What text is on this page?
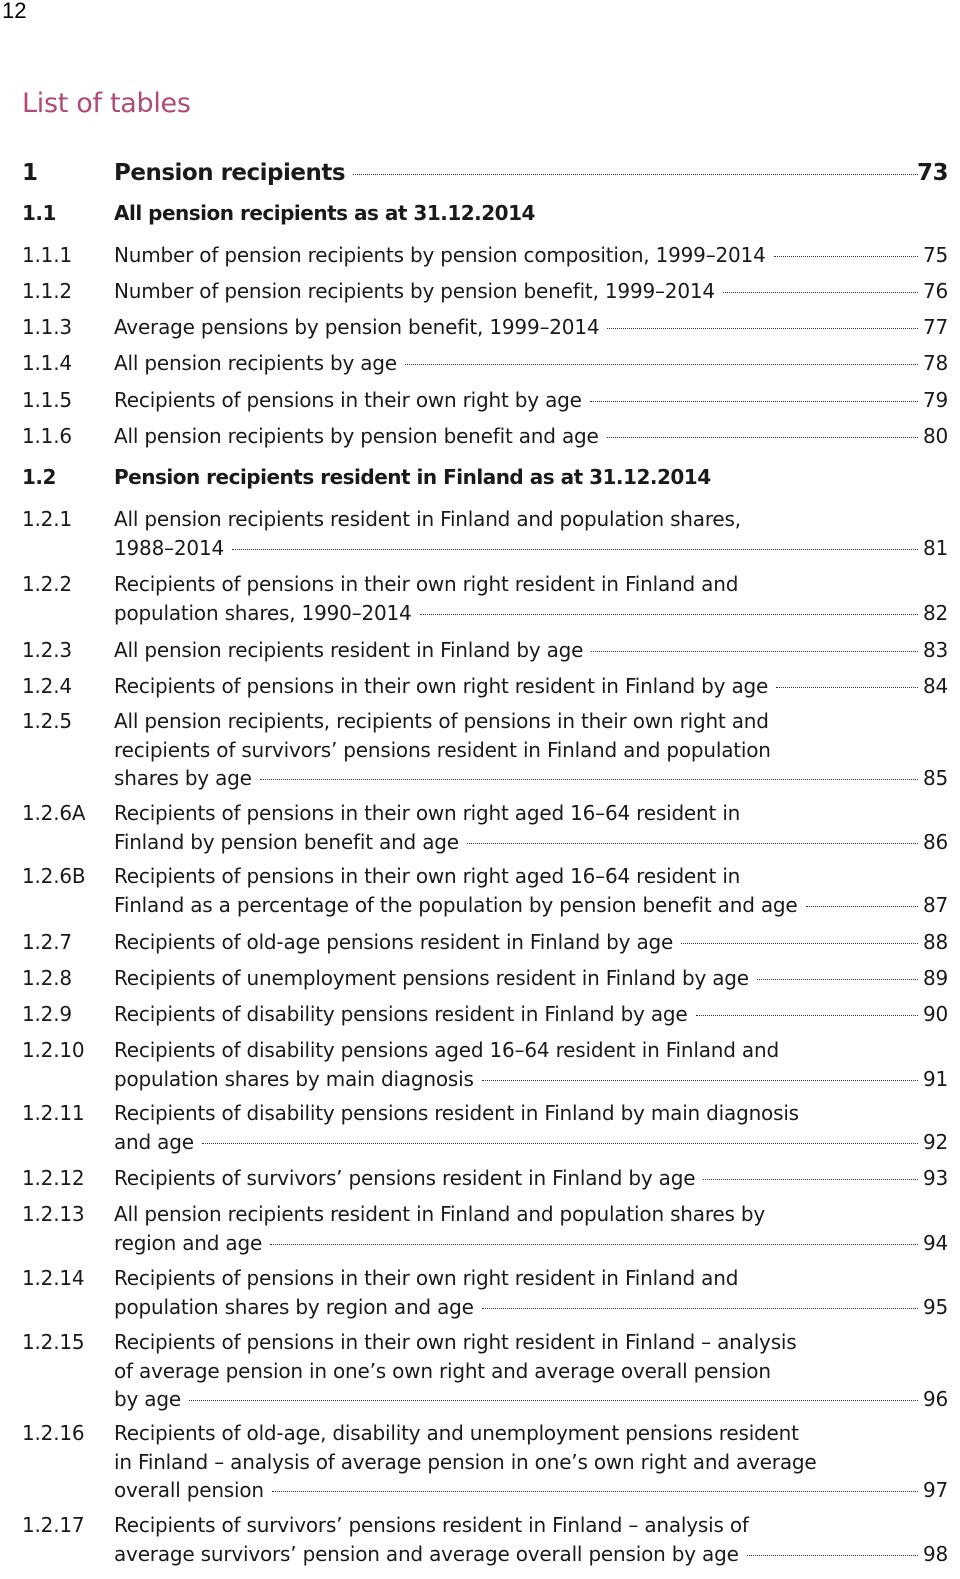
12
List of tables
1	Pension recipients	73
1.1	All pension recipients as at 31.12.2014
1.1.1 Number of pension recipients by pension composition, 1999–2014	75
1.1.2 Number of pension recipients by pension benefit, 1999–2014	76
1.1.3 Average pensions by pension benefit, 1999–2014	77
1.1.4 All pension recipients by age	78
1.1.5 Recipients of pensions in their own right by age	79
1.1.6 All pension recipients by pension benefit and age	80
1.2	Pension recipients resident in Finland as at 31.12.2014
1.2.1 All pension recipients resident in Finland and population shares,
1988–2014	81
1.2.2 Recipients of pensions in their own right resident in Finland and
population shares, 1990–2014	82
1.2.3 All pension recipients resident in Finland by age	83
1.2.4 Recipients of pensions in their own right resident in Finland by age	84
1.2.5 All pension recipients, recipients of pensions in their own right and
recipients of survivors’ pensions resident in Finland and population
shares by age	85
1.2.6A Recipients of pensions in their own right aged 16–64 resident in
Finland by pension benefit and age	86
1.2.6B Recipients of pensions in their own right aged 16–64 resident in
Finland as a percentage of the population by pension benefit and age	87
1.2.7 Recipients of old-age pensions resident in Finland by age	88
1.2.8 Recipients of unemployment pensions resident in Finland by age	89
1.2.9 Recipients of disability pensions resident in Finland by age	90
1.2.10 Recipients of disability pensions aged 16–64 resident in Finland and
population shares by main diagnosis	91
1.2.11 Recipients of disability pensions resident in Finland by main diagnosis
and age	92
1.2.12 Recipients of survivors’ pensions resident in Finland by age	93
1.2.13 All pension recipients resident in Finland and population shares by
region and age	94
1.2.14 Recipients of pensions in their own right resident in Finland and
population shares by region and age	95
1.2.15 Recipients of pensions in their own right resident in Finland – analysis
of average pension in one’s own right and average overall pension
by age	96
1.2.16 Recipients of old-age, disability and unemployment pensions resident
in Finland – analysis of average pension in one’s own right and average
overall pension	97
1.2.17 Recipients of survivors’ pensions resident in Finland – analysis of
average survivors’ pension and average overall pension by age	98
